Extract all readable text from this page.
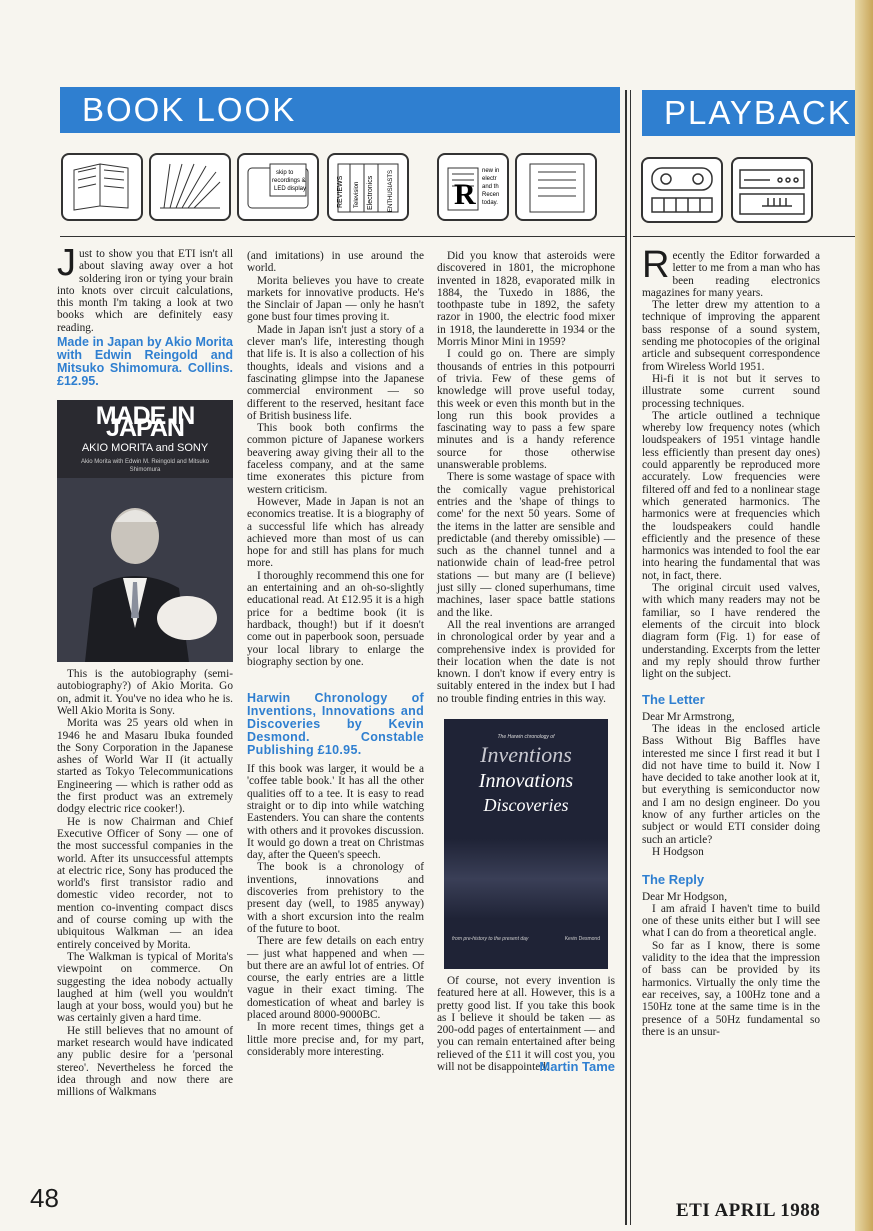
BOOK LOOK	PLAYBACK
skip to
recordings &
LED display	REVIEWS Television Electronics ENTHUSIASTS R
new in
electr
and th
Recen
today.

Just to show you that ETI isn't all about slaving away over a hot soldering iron or tying your brain into knots over circuit calculations, this month I'm taking a look at two books which are definitely easy reading.

Made in Japan by Akio Morita with Edwin Reingold and Mitsuko Shimomura. Collins. £12.95.
MADE IN JAPAN
AKIO MORITA and SONY
Akio Morita with Edwin M. Reingold and Mitsuko Shimomura

This is the autobiography (semi-autobiography?) of Akio Morita. Go on, admit it. You've no idea who he is. Well Akio Morita is Sony.

Morita was 25 years old when in 1946 he and Masaru Ibuka founded the Sony Corporation in the Japanese ashes of World War II (it actually started as Tokyo Telecommunications Engineering — which is rather odd as the first product was an extremely dodgy electric rice cooker!).

He is now Chairman and Chief Executive Officer of Sony — one of the most successful companies in the world. After its unsuccessful attempts at electric rice, Sony has produced the world's first transistor radio and domestic video recorder, not to mention co-inventing compact discs and of course coming up with the ubiquitous Walkman — an idea entirely conceived by Morita.

The Walkman is typical of Morita's viewpoint on commerce. On suggesting the idea nobody actually laughed at him (well you wouldn't laugh at your boss, would you) but he was certainly given a hard time.

He still believes that no amount of market research would have indicated any public desire for a 'personal stereo'. Nevertheless he forced the idea through and now there are millions of Walkmans

(and imitations) in use around the world.

Morita believes you have to create markets for innovative products. He's the Sinclair of Japan — only he hasn't gone bust four times proving it.

Made in Japan isn't just a story of a clever man's life, interesting though that life is. It is also a collection of his thoughts, ideals and visions and a fascinating glimpse into the Japanese commercial environment — so different to the reserved, hesitant face of British business life.

This book both confirms the common picture of Japanese workers beavering away giving their all to the faceless company, and at the same time exonerates this picture from western criticism.

However, Made in Japan is not an economics treatise. It is a biography of a successful life which has already achieved more than most of us can hope for and still has plans for much more.

I thoroughly recommend this one for an entertaining and an oh-so-slightly educational read. At £12.95 it is a high price for a bedtime book (it is hardback, though!) but if it doesn't come out in paperbook soon, persuade your local library to enlarge the biography section by one.

Harwin Chronology of Inventions, Innovations and Discoveries by Kevin Desmond. Constable Publishing £10.95.

If this book was larger, it would be a 'coffee table book.' It has all the other qualities off to a tee. It is easy to read straight or to dip into while watching Eastenders. You can share the contents with others and it provokes discussion. It would go down a treat on Christmas day, after the Queen's speech.

The book is a chronology of inventions, innovations and discoveries from prehistory to the present day (well, to 1985 anyway) with a short excursion into the realm of the future to boot.

There are few details on each entry — just what happened and when — but there are an awful lot of entries. Of course, the early entries are a little vague in their exact timing. The domestication of wheat and barley is placed around 8000-9000BC.

In more recent times, things get a little more precise and, for my part, considerably more interesting.

Did you know that asteroids were discovered in 1801, the microphone invented in 1828, evaporated milk in 1884, the Tuxedo in 1886, the toothpaste tube in 1892, the safety razor in 1900, the electric food mixer in 1918, the launderette in 1934 or the Morris Minor Mini in 1959?

I could go on. There are simply thousands of entries in this potpourri of trivia. Few of these gems of knowledge will prove useful today, this week or even this month but in the long run this book provides a fascinating way to pass a few spare minutes and is a handy reference source for those otherwise unanswerable problems.

There is some wastage of space with the comically vague prehistorical entries and the 'shape of things to come' for the next 50 years. Some of the items in the latter are sensible and predictable (and thereby omissible) — such as the channel tunnel and a nationwide chain of lead-free petrol stations — but many are (I believe) just silly — cloned superhumans, time machines, laser space battle stations and the like.

All the real inventions are arranged in chronological order by year and a comprehensive index is provided for their location when the date is not known. I don't know if every entry is suitably entered in the index but I had no trouble finding entries in this way.

The Harwin chronology of
Inventions
Innovations
Discoveries
from pre-history to the present day	Kevin Desmond

Of course, not every invention is featured here at all. However, this is a pretty good list. If you take this book as I believe it should be taken — as 200-odd pages of entertainment — and you can remain entertained after being relieved of the £11 it will cost you, you will not be disappointed.

Martin Tame

Recently the Editor forwarded a letter to me from a man who has been reading electronics magazines for many years.

The letter drew my attention to a technique of improving the apparent bass response of a sound system, sending me photocopies of the original article and subsequent correspondence from Wireless World 1951.

Hi-fi it is not but it serves to illustrate some current sound processing techniques.

The article outlined a technique whereby low frequency notes (which loudspeakers of 1951 vintage handle less efficiently than present day ones) could apparently be reproduced more accurately. Low frequencies were filtered off and fed to a nonlinear stage which generated harmonics. The harmonics were at frequencies which the loudspeakers could handle efficiently and the presence of these harmonics was intended to fool the ear into hearing the fundamental that was not, in fact, there.

The original circuit used valves, with which many readers may not be familiar, so I have rendered the elements of the circuit into block diagram form (Fig. 1) for ease of understanding. Excerpts from the letter and my reply should throw further light on the subject.

The Letter

Dear Mr Armstrong,

The ideas in the enclosed article Bass Without Big Baffles have interested me since I first read it but I did not have time to build it. Now I have decided to take another look at it, but everything is semiconductor now and I am no design engineer. Do you know of any further articles on the subject or would ETI consider doing such an article?

H Hodgson

The Reply

Dear Mr Hodgson,

I am afraid I haven't time to build one of these units either but I will see what I can do from a theoretical angle.

So far as I know, there is some validity to the idea that the impression of bass can be provided by its harmonics. Virtually the only time the ear receives, say, a 100Hz tone and a 150Hz tone at the same time is in the presence of a 50Hz fundamental so there is an unsur-

48	ETI APRIL 1988
